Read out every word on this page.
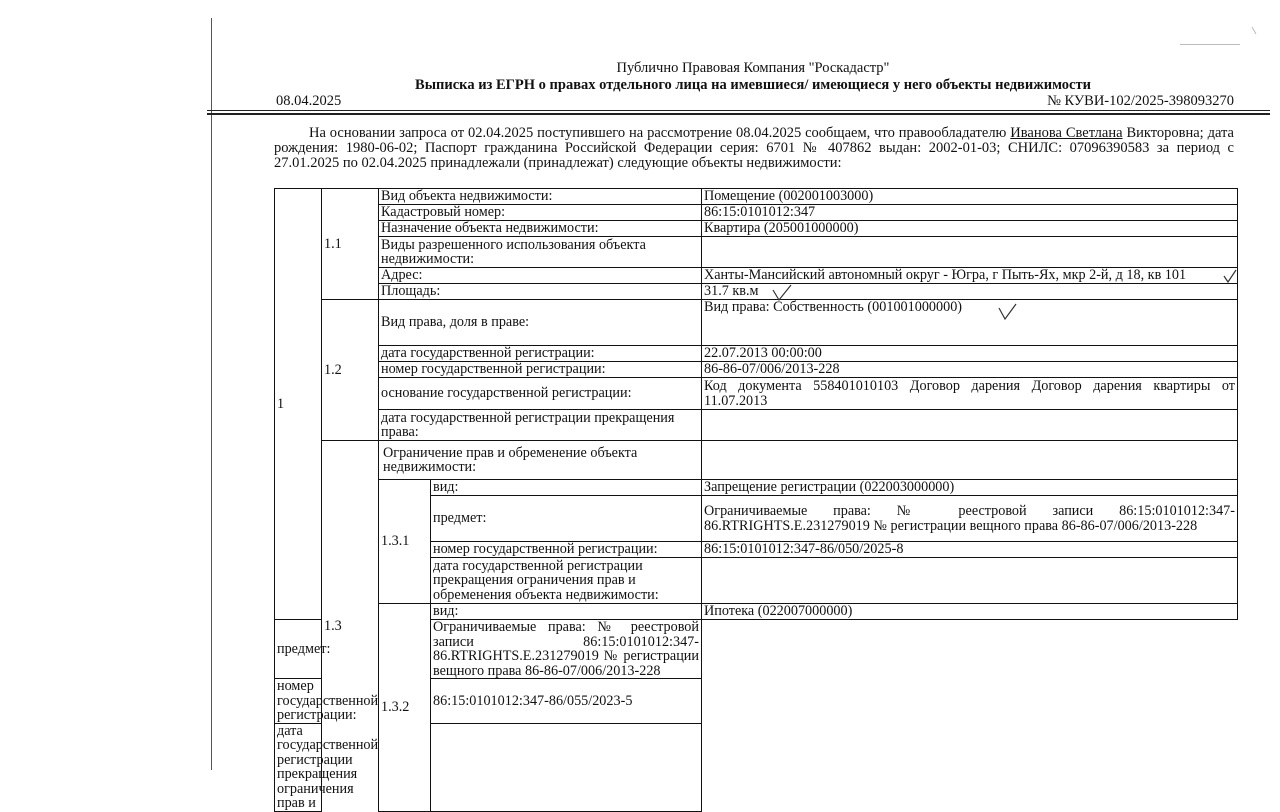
Публично Правовая Компания "Роскадастр"
Выписка из ЕГРН о правах отдельного лица на имевшиеся/ имеющиеся у него объекты недвижимости
08.04.2025	№ КУВИ-102/2025-398093270
На основании запроса от 02.04.2025 поступившего на рассмотрение 08.04.2025 сообщаем, что правообладателю Иванова Светлана Викторовна; дата рождения: 1980-06-02; Паспорт гражданина Российской Федерации серия: 6701 № 407862 выдан: 2002-01-03; СНИЛС: 07096390583 за период с 27.01.2025 по 02.04.2025 принадлежали (принадлежат) следующие объекты недвижимости:
1	1.1	Вид объекта недвижимости:		Помещение (002001003000)
		Кадастровый номер:		86:15:0101012:347
		Назначение объекта недвижимости:		Квартира (205001000000)
		Виды разрешенного использования объекта недвижимости:		
		Адрес:		Ханты-Мансийский автономный округ - Югра, г Пыть-Ях, мкр 2-й, д 18, кв 101
		Площадь:		31.7 кв.м
	1.2	Вид права, доля в праве:		Вид права: Собственность (001001000000)
		дата государственной регистрации:		22.07.2013 00:00:00
		номер государственной регистрации:		86-86-07/006/2013-228
		основание государственной регистрации:		Код документа 558401010103 Договор дарения Договор дарения квартиры от 11.07.2013
		дата государственной регистрации прекращения права:		
	1.3	Ограничение прав и обременение объекта недвижимости:		
		1.3.1	вид:	Запрещение регистрации (022003000000)
			предмет:	Ограничиваемые права: № реестровой записи 86:15:0101012:347-86.RTRIGHTS.E.231279019 № регистрации вещного права 86-86-07/006/2013-228
			номер государственной регистрации:	86:15:0101012:347-86/050/2025-8
			дата государственной регистрации прекращения ограничения прав и обременения объекта недвижимости:	
		1.3.2	вид:	Ипотека (022007000000)
предмет:			Ограничиваемые права: № реестровой записи 86:15:0101012:347-86.RTRIGHTS.E.231279019 № регистрации вещного права 86-86-07/006/2013-228	
номер государственной регистрации:			86:15:0101012:347-86/055/2023-5	
дата государственной регистрации прекращения ограничения прав и				
